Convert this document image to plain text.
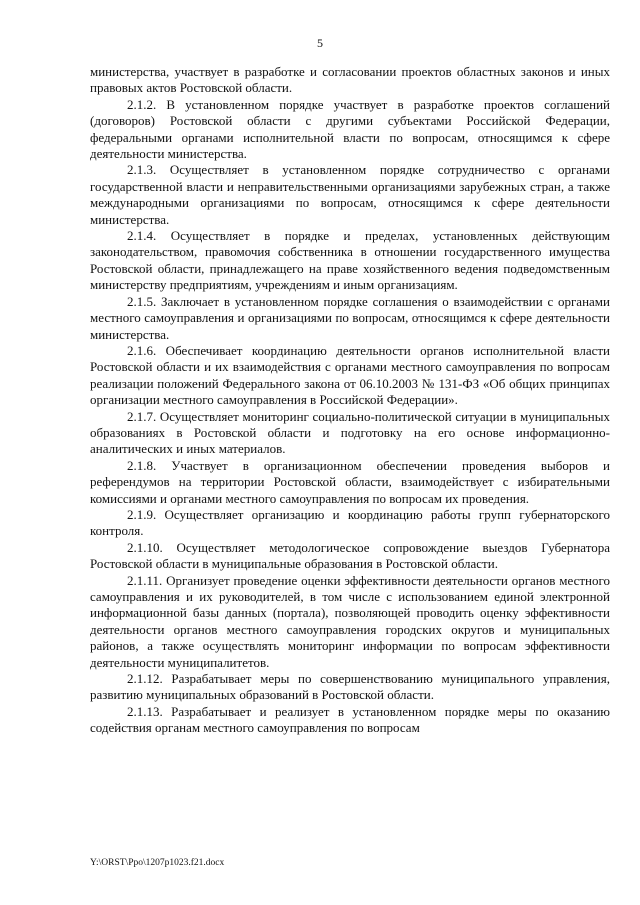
5

министерства, участвует в разработке и согласовании проектов областных законов и иных правовых актов Ростовской области.

2.1.2. В установленном порядке участвует в разработке проектов соглашений (договоров) Ростовской области с другими субъектами Российской Федерации, федеральными органами исполнительной власти по вопросам, относящимся к сфере деятельности министерства.

2.1.3. Осуществляет в установленном порядке сотрудничество с органами государственной власти и неправительственными организациями зарубежных стран, а также международными организациями по вопросам, относящимся к сфере деятельности министерства.

2.1.4. Осуществляет в порядке и пределах, установленных действующим законодательством, правомочия собственника в отношении государственного имущества Ростовской области, принадлежащего на праве хозяйственного ведения подведомственным министерству предприятиям, учреждениям и иным организациям.

2.1.5. Заключает в установленном порядке соглашения о взаимодействии с органами местного самоуправления и организациями по вопросам, относящимся к сфере деятельности министерства.

2.1.6. Обеспечивает координацию деятельности органов исполнительной власти Ростовской области и их взаимодействия с органами местного самоуправления по вопросам реализации положений Федерального закона от 06.10.2003 № 131-ФЗ «Об общих принципах организации местного самоуправления в Российской Федерации».

2.1.7. Осуществляет мониторинг социально-политической ситуации в муниципальных образованиях в Ростовской области и подготовку на его основе информационно-аналитических и иных материалов.

2.1.8. Участвует в организационном обеспечении проведения выборов и референдумов на территории Ростовской области, взаимодействует с избирательными комиссиями и органами местного самоуправления по вопросам их проведения.

2.1.9. Осуществляет организацию и координацию работы групп губернаторского контроля.

2.1.10. Осуществляет методологическое сопровождение выездов Губернатора Ростовской области в муниципальные образования в Ростовской области.

2.1.11. Организует проведение оценки эффективности деятельности органов местного самоуправления и их руководителей, в том числе с использованием единой электронной информационной базы данных (портала), позволяющей проводить оценку эффективности деятельности органов местного самоуправления городских округов и муниципальных районов, а также осуществлять мониторинг информации по вопросам эффективности деятельности муниципалитетов.

2.1.12. Разрабатывает меры по совершенствованию муниципального управления, развитию муниципальных образований в Ростовской области.

2.1.13. Разрабатывает и реализует в установленном порядке меры по оказанию содействия органам местного самоуправления по вопросам

Y:\ORST\Ppo\1207p1023.f21.docx
